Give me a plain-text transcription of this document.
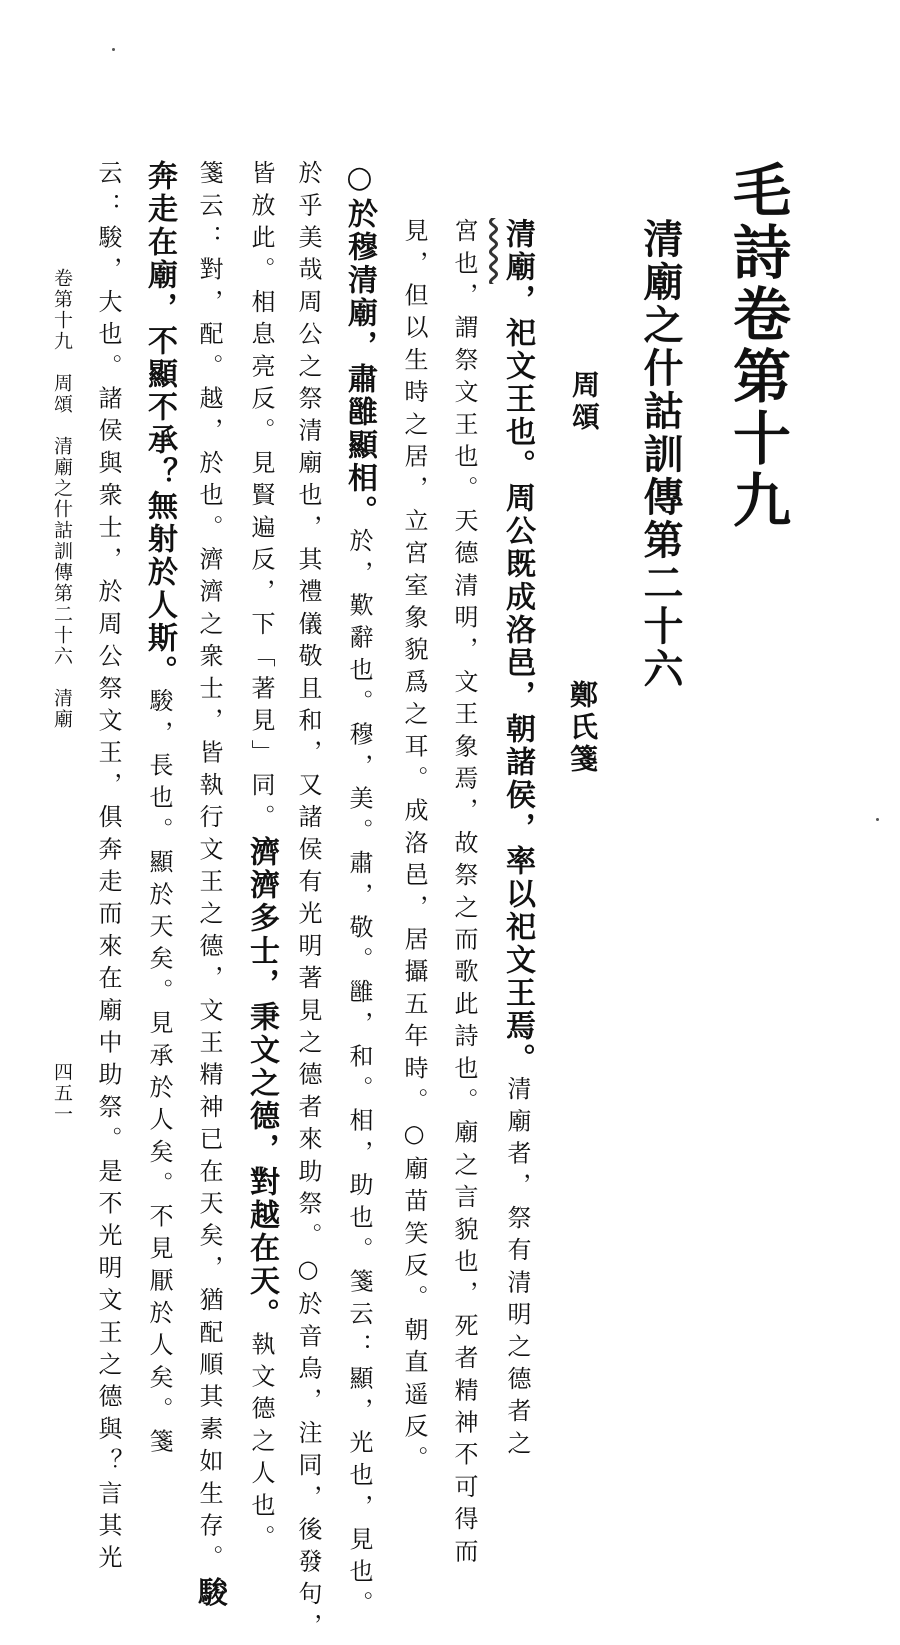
毛詩卷第十九
清廟之什詁訓傳第二十六
周頌
鄭氏箋
清廟，祀文王也。周公既成洛邑，朝諸侯，率以祀文王焉。清廟者，祭有清明之德者之
宮也，謂祭文王也。天德清明，文王象焉，故祭之而歌此詩也。廟之言貌也，死者精神不可得而
見，但以生時之居，立宮室象貌爲之耳。成洛邑，居攝五年時。○廟苗笑反。朝直遥反。
○於穆清廟，肅雝顯相。於，歎辭也。穆，美。肅，敬。雝，和。相，助也。箋云：顯，光也，見也。
於乎美哉周公之祭清廟也，其禮儀敬且和，又諸侯有光明著見之德者來助祭。○於音烏，注同，後發句，
皆放此。相息亮反。見賢遍反，下「著見」同。濟濟多士，秉文之德，對越在天。執文德之人也。
箋云：對，配。越，於也。濟濟之衆士，皆執行文王之德，文王精神已在天矣，猶配順其素如生存。駿
奔走在廟，不顯不承？無射於人斯。駿，長也。顯於天矣。見承於人矣。不見厭於人矣。箋
云：駿，大也。諸侯與衆士，於周公祭文王，俱奔走而來在廟中助祭。是不光明文王之德與？言其光
卷第十九　周頌　清廟之什詁訓傳第二十六　清廟
四五一
